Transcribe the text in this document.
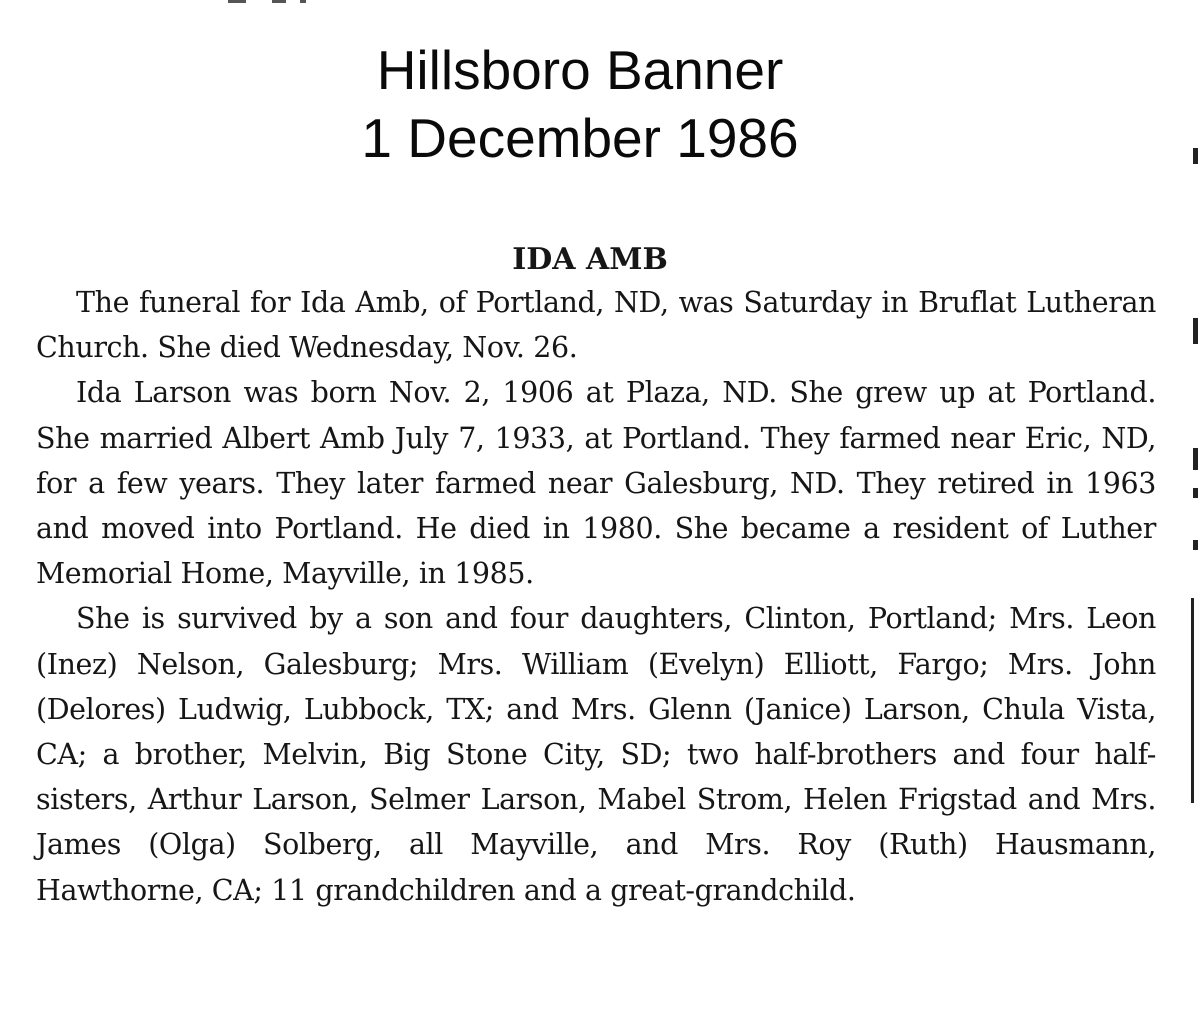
Hillsboro Banner
1 December 1986
IDA AMB

The funeral for Ida Amb, of Portland, ND, was Saturday in Bruflat Lutheran Church. She died Wednesday, Nov. 26.

Ida Larson was born Nov. 2, 1906 at Plaza, ND. She grew up at Portland. She married Albert Amb July 7, 1933, at Portland. They farmed near Eric, ND, for a few years. They later farmed near Galesburg, ND. They retired in 1963 and moved into Portland. He died in 1980. She became a resident of Luther Memorial Home, Mayville, in 1985.

She is survived by a son and four daughters, Clinton, Portland; Mrs. Leon (Inez) Nelson, Galesburg; Mrs. William (Evelyn) Elliott, Fargo; Mrs. John (Delores) Ludwig, Lubbock, TX; and Mrs. Glenn (Janice) Larson, Chula Vista, CA; a brother, Melvin, Big Stone City, SD; two half-brothers and four half-sisters, Arthur Larson, Selmer Larson, Mabel Strom, Helen Frigstad and Mrs. James (Olga) Solberg, all Mayville, and Mrs. Roy (Ruth) Hausmann, Hawthorne, CA; 11 grandchildren and a great-grandchild.
